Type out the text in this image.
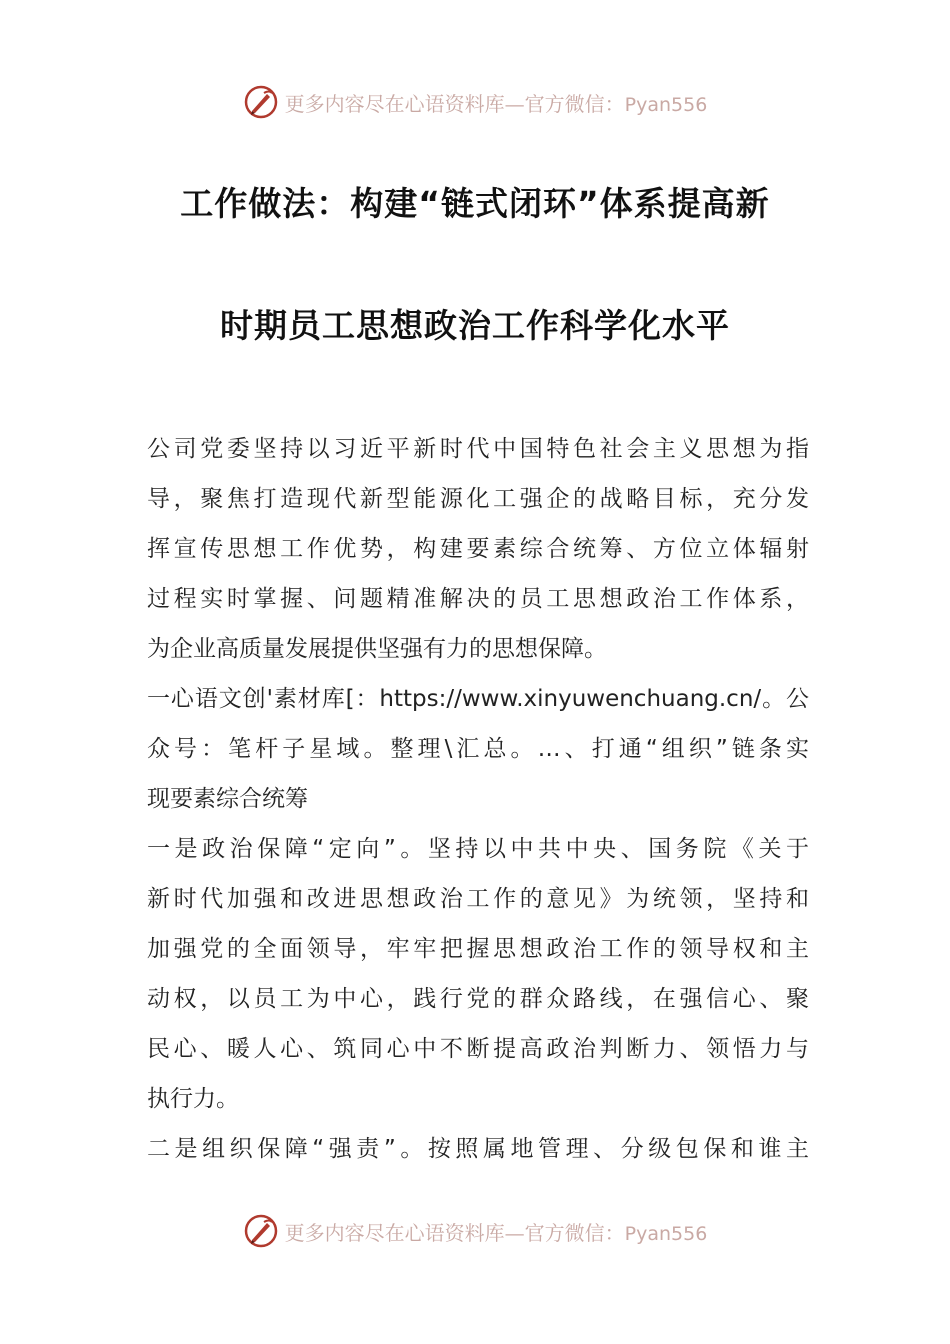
更多内容尽在心语资料库—官方微信：Pyan556
工作做法：构建“链式闭环”体系提高新
时期员工思想政治工作科学化水平
公司党委坚持以习近平新时代中国特色社会主义思想为指
导，聚焦打造现代新型能源化工强企的战略目标，充分发
挥宣传思想工作优势，构建要素综合统筹、方位立体辐射
过程实时掌握、问题精准解决的员工思想政治工作体系，
为企业高质量发展提供坚强有力的思想保障。
一心语文创'素材库[：https://www.xinyuwenchuang.cn/。公
众号：笔杆子星域。整理\汇总。…、打通“组织”链条实
现要素综合统筹
一是政治保障“定向”。坚持以中共中央、国务院《关于
新时代加强和改进思想政治工作的意见》为统领，坚持和
加强党的全面领导，牢牢把握思想政治工作的领导权和主
动权，以员工为中心，践行党的群众路线，在强信心、聚
民心、暖人心、筑同心中不断提高政治判断力、领悟力与
执行力。
二是组织保障“强责”。按照属地管理、分级包保和谁主
更多内容尽在心语资料库—官方微信：Pyan556
